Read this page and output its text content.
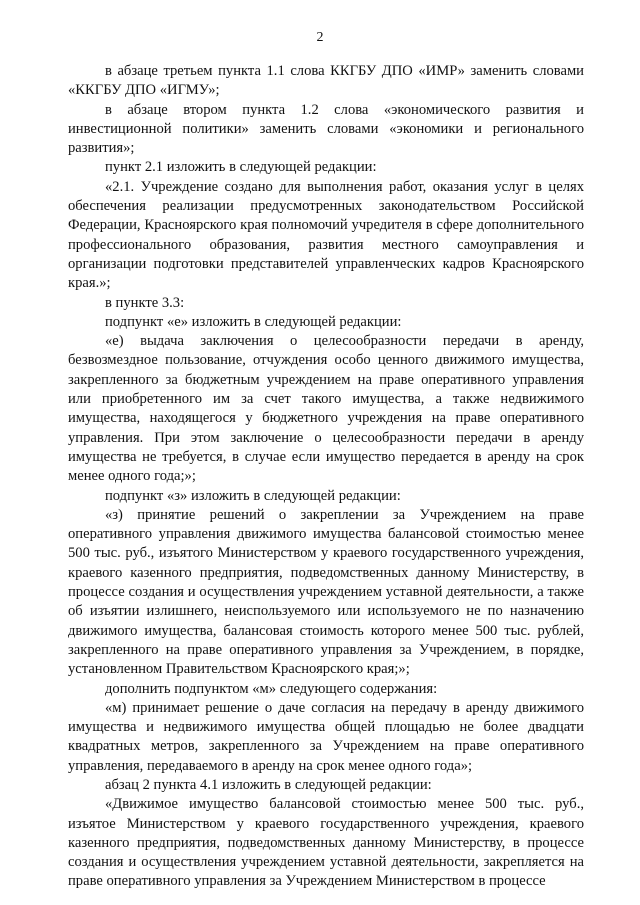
2

в абзаце третьем пункта 1.1 слова ККГБУ ДПО «ИМР» заменить словами «ККГБУ ДПО «ИГМУ»;

в абзаце втором пункта 1.2 слова «экономического развития и инвестиционной политики» заменить словами «экономики и регионального развития»;

пункт 2.1 изложить в следующей редакции:

«2.1. Учреждение создано для выполнения работ, оказания услуг в целях обеспечения реализации предусмотренных законодательством Российской Федерации, Красноярского края полномочий учредителя в сфере дополнительного профессионального образования, развития местного самоуправления и организации подготовки представителей управленческих кадров Красноярского края.»;

в пункте 3.3:

подпункт «е» изложить в следующей редакции:

«е) выдача заключения о целесообразности передачи в аренду, безвозмездное пользование, отчуждения особо ценного движимого имущества, закрепленного за бюджетным учреждением на праве оперативного управления или приобретенного им за счет такого имущества, а также недвижимого имущества, находящегося у бюджетного учреждения на праве оперативного управления. При этом заключение о целесообразности передачи в аренду имущества не требуется, в случае если имущество передается в аренду на срок менее одного года;»;

подпункт «з» изложить в следующей редакции:

«з) принятие решений о закреплении за Учреждением на праве оперативного управления движимого имущества балансовой стоимостью менее 500 тыс. руб., изъятого Министерством у краевого государственного учреждения, краевого казенного предприятия, подведомственных данному Министерству, в процессе создания и осуществления учреждением уставной деятельности, а также об изъятии излишнего, неиспользуемого или используемого не по назначению движимого имущества, балансовая стоимость которого менее 500 тыс. рублей, закрепленного на праве оперативного управления за Учреждением, в порядке, установленном Правительством Красноярского края;»;

дополнить подпунктом «м» следующего содержания:

«м) принимает решение о даче согласия на передачу в аренду движимого имущества и недвижимого имущества общей площадью не более двадцати квадратных метров, закрепленного за Учреждением на праве оперативного управления, передаваемого в аренду на срок менее одного года»;

абзац 2 пункта 4.1 изложить в следующей редакции:

«Движимое имущество балансовой стоимостью менее 500 тыс. руб., изъятое Министерством у краевого государственного учреждения, краевого казенного предприятия, подведомственных данному Министерству, в процессе создания и осуществления учреждением уставной деятельности, закрепляется на праве оперативного управления за Учреждением Министерством в процессе
